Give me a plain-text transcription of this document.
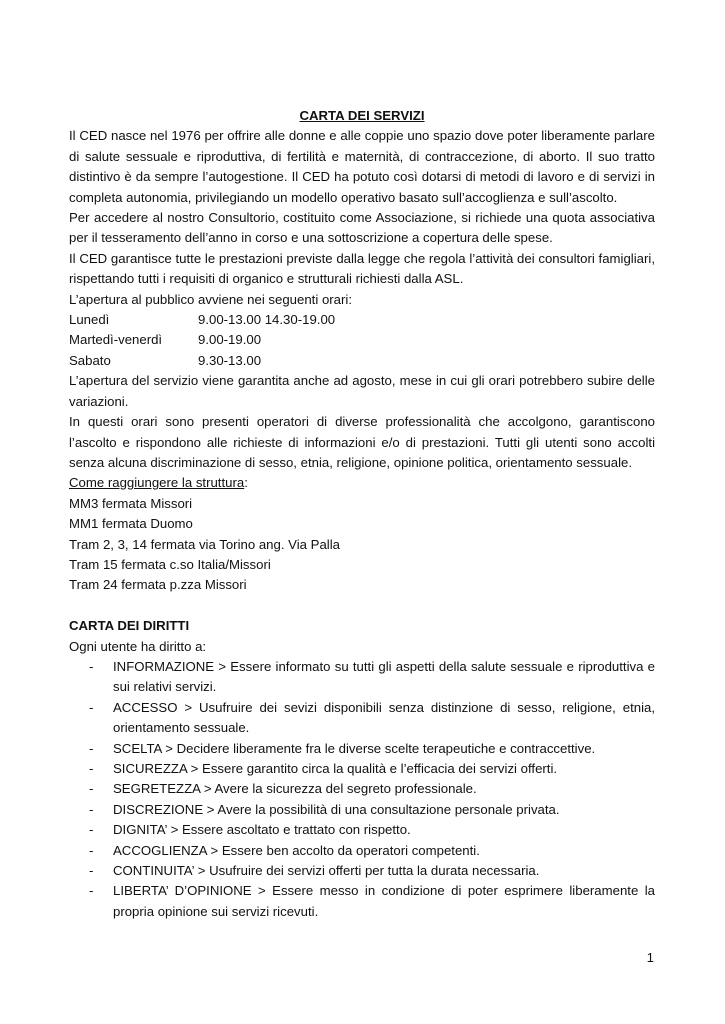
CARTA DEI SERVIZI

Il CED nasce nel 1976 per offrire alle donne e alle coppie uno spazio dove poter liberamente parlare di salute sessuale e riproduttiva, di fertilità e maternità, di contraccezione, di aborto. Il suo tratto distintivo è da sempre l’autogestione. Il CED ha potuto così dotarsi di metodi di lavoro e di servizi in completa autonomia, privilegiando un modello operativo basato sull’accoglienza e sull’ascolto.

Per accedere al nostro Consultorio, costituito come Associazione, si richiede una quota associativa per il tesseramento dell’anno in corso e una sottoscrizione a copertura delle spese.

Il CED garantisce tutte le prestazioni previste dalla legge che regola l’attività dei consultori famigliari, rispettando tutti i requisiti di organico e strutturali richiesti dalla ASL.

L’apertura al pubblico avviene nei seguenti orari:

Lunedì	9.00-13.00 14.30-19.00
Martedì-venerdì	9.00-19.00
Sabato	9.30-13.00

L’apertura del servizio viene garantita anche ad agosto, mese in cui gli orari potrebbero subire delle variazioni.

In questi orari sono presenti operatori di diverse professionalità che accolgono, garantiscono l’ascolto e rispondono alle richieste di informazioni e/o di prestazioni. Tutti gli utenti sono accolti senza alcuna discriminazione di sesso, etnia, religione, opinione politica, orientamento sessuale.

Come raggiungere la struttura:

MM3 fermata Missori

MM1 fermata Duomo

Tram 2, 3, 14 fermata via Torino ang. Via Palla

Tram 15 fermata c.so Italia/Missori

Tram 24 fermata p.zza Missori

CARTA DEI DIRITTI

Ogni utente ha diritto a:

- INFORMAZIONE > Essere informato su tutti gli aspetti della salute sessuale e riproduttiva e sui relativi servizi.
- ACCESSO > Usufruire dei sevizi disponibili senza distinzione di sesso, religione, etnia, orientamento sessuale.
- SCELTA > Decidere liberamente fra le diverse scelte terapeutiche e contraccettive.
- SICUREZZA > Essere garantito circa la qualità e l’efficacia dei servizi offerti.
- SEGRETEZZA > Avere la sicurezza del segreto professionale.
- DISCREZIONE > Avere la possibilità di una consultazione personale privata.
- DIGNITA’ > Essere ascoltato e trattato con rispetto.
- ACCOGLIENZA > Essere ben accolto da operatori competenti.
- CONTINUITA’ > Usufruire dei servizi offerti per tutta la durata necessaria.
- LIBERTA’ D’OPINIONE > Essere messo in condizione di poter esprimere liberamente la propria opinione sui servizi ricevuti.

1
